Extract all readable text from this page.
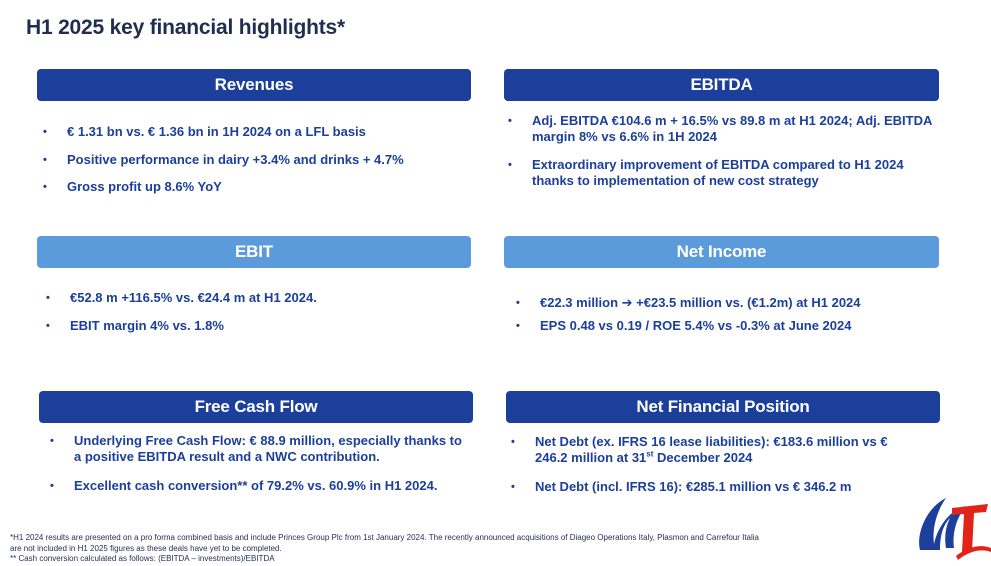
H1 2025 key financial highlights*
Revenues
• € 1.31 bn vs. € 1.36 bn in 1H 2024 on a LFL basis
• Positive performance in dairy +3.4% and drinks + 4.7%
• Gross profit up 8.6% YoY
EBITDA
• Adj. EBITDA €104.6 m + 16.5% vs 89.8 m at H1 2024; Adj. EBITDA margin 8% vs 6.6% in 1H 2024
• Extraordinary improvement of EBITDA compared to H1 2024 thanks to implementation of new cost strategy
EBIT
• €52.8 m +116.5% vs. €24.4 m at H1 2024.
• EBIT margin 4% vs. 1.8%
Net Income
• €22.3 million ➔ +€23.5 million vs. (€1.2m) at H1 2024
• EPS 0.48 vs 0.19 / ROE 5.4% vs -0.3% at June 2024
Free Cash Flow
• Underlying Free Cash Flow: € 88.9 million, especially thanks to a positive EBITDA result and a NWC contribution.
• Excellent cash conversion** of 79.2% vs. 60.9% in H1 2024.
Net Financial Position
• Net Debt (ex. IFRS 16 lease liabilities): €183.6 million vs € 246.2 million at 31st December 2024
• Net Debt (incl. IFRS 16): €285.1 million vs € 346.2 m
*H1 2024 results are presented on a pro forma combined basis and include Princes Group Plc from 1st January 2024. The recently announced acquisitions of Diageo Operations Italy, Plasmon and Carrefour Italia are not included in H1 2025 figures as these deals have yet to be completed.
** Cash conversion calculated as follows: (EBITDA – investments)/EBITDA
